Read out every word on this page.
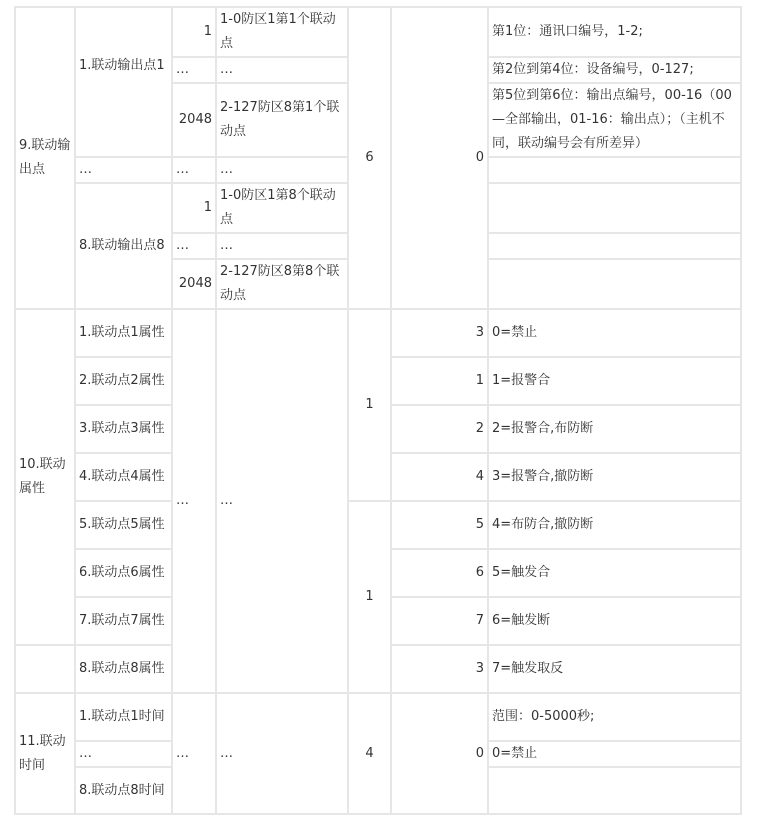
9.联动输出点	1.联动输出点1	1	1-0防区1第1个联动点	6	0	第1位：通讯口编号，1-2;
		…	…			第2位到第4位：设备编号，0-127;
		2048	2-127防区8第1个联动点			第5位到第6位：输出点编号，00-16（00—全部输出，01-16：输出点）；（主机不同，联动编号会有所差异）
	…	…	…			
	8.联动输出点8	1	1-0防区1第8个联动点			
		…	…			
		2048	2-127防区8第8个联动点			
10.联动属性	1.联动点1属性	…	…	1	3	0=禁止
	2.联动点2属性				1	1=报警合
	3.联动点3属性				2	2=报警合,布防断
	4.联动点4属性				4	3=报警合,撤防断
	5.联动点5属性			1	5	4=布防合,撤防断
	6.联动点6属性				6	5=触发合
	7.联动点7属性				7	6=触发断
	8.联动点8属性				3	7=触发取反
11.联动时间	1.联动点1时间	…	…	4	0	范围：0-5000秒;
	…					0=禁止
	8.联动点8时间					
